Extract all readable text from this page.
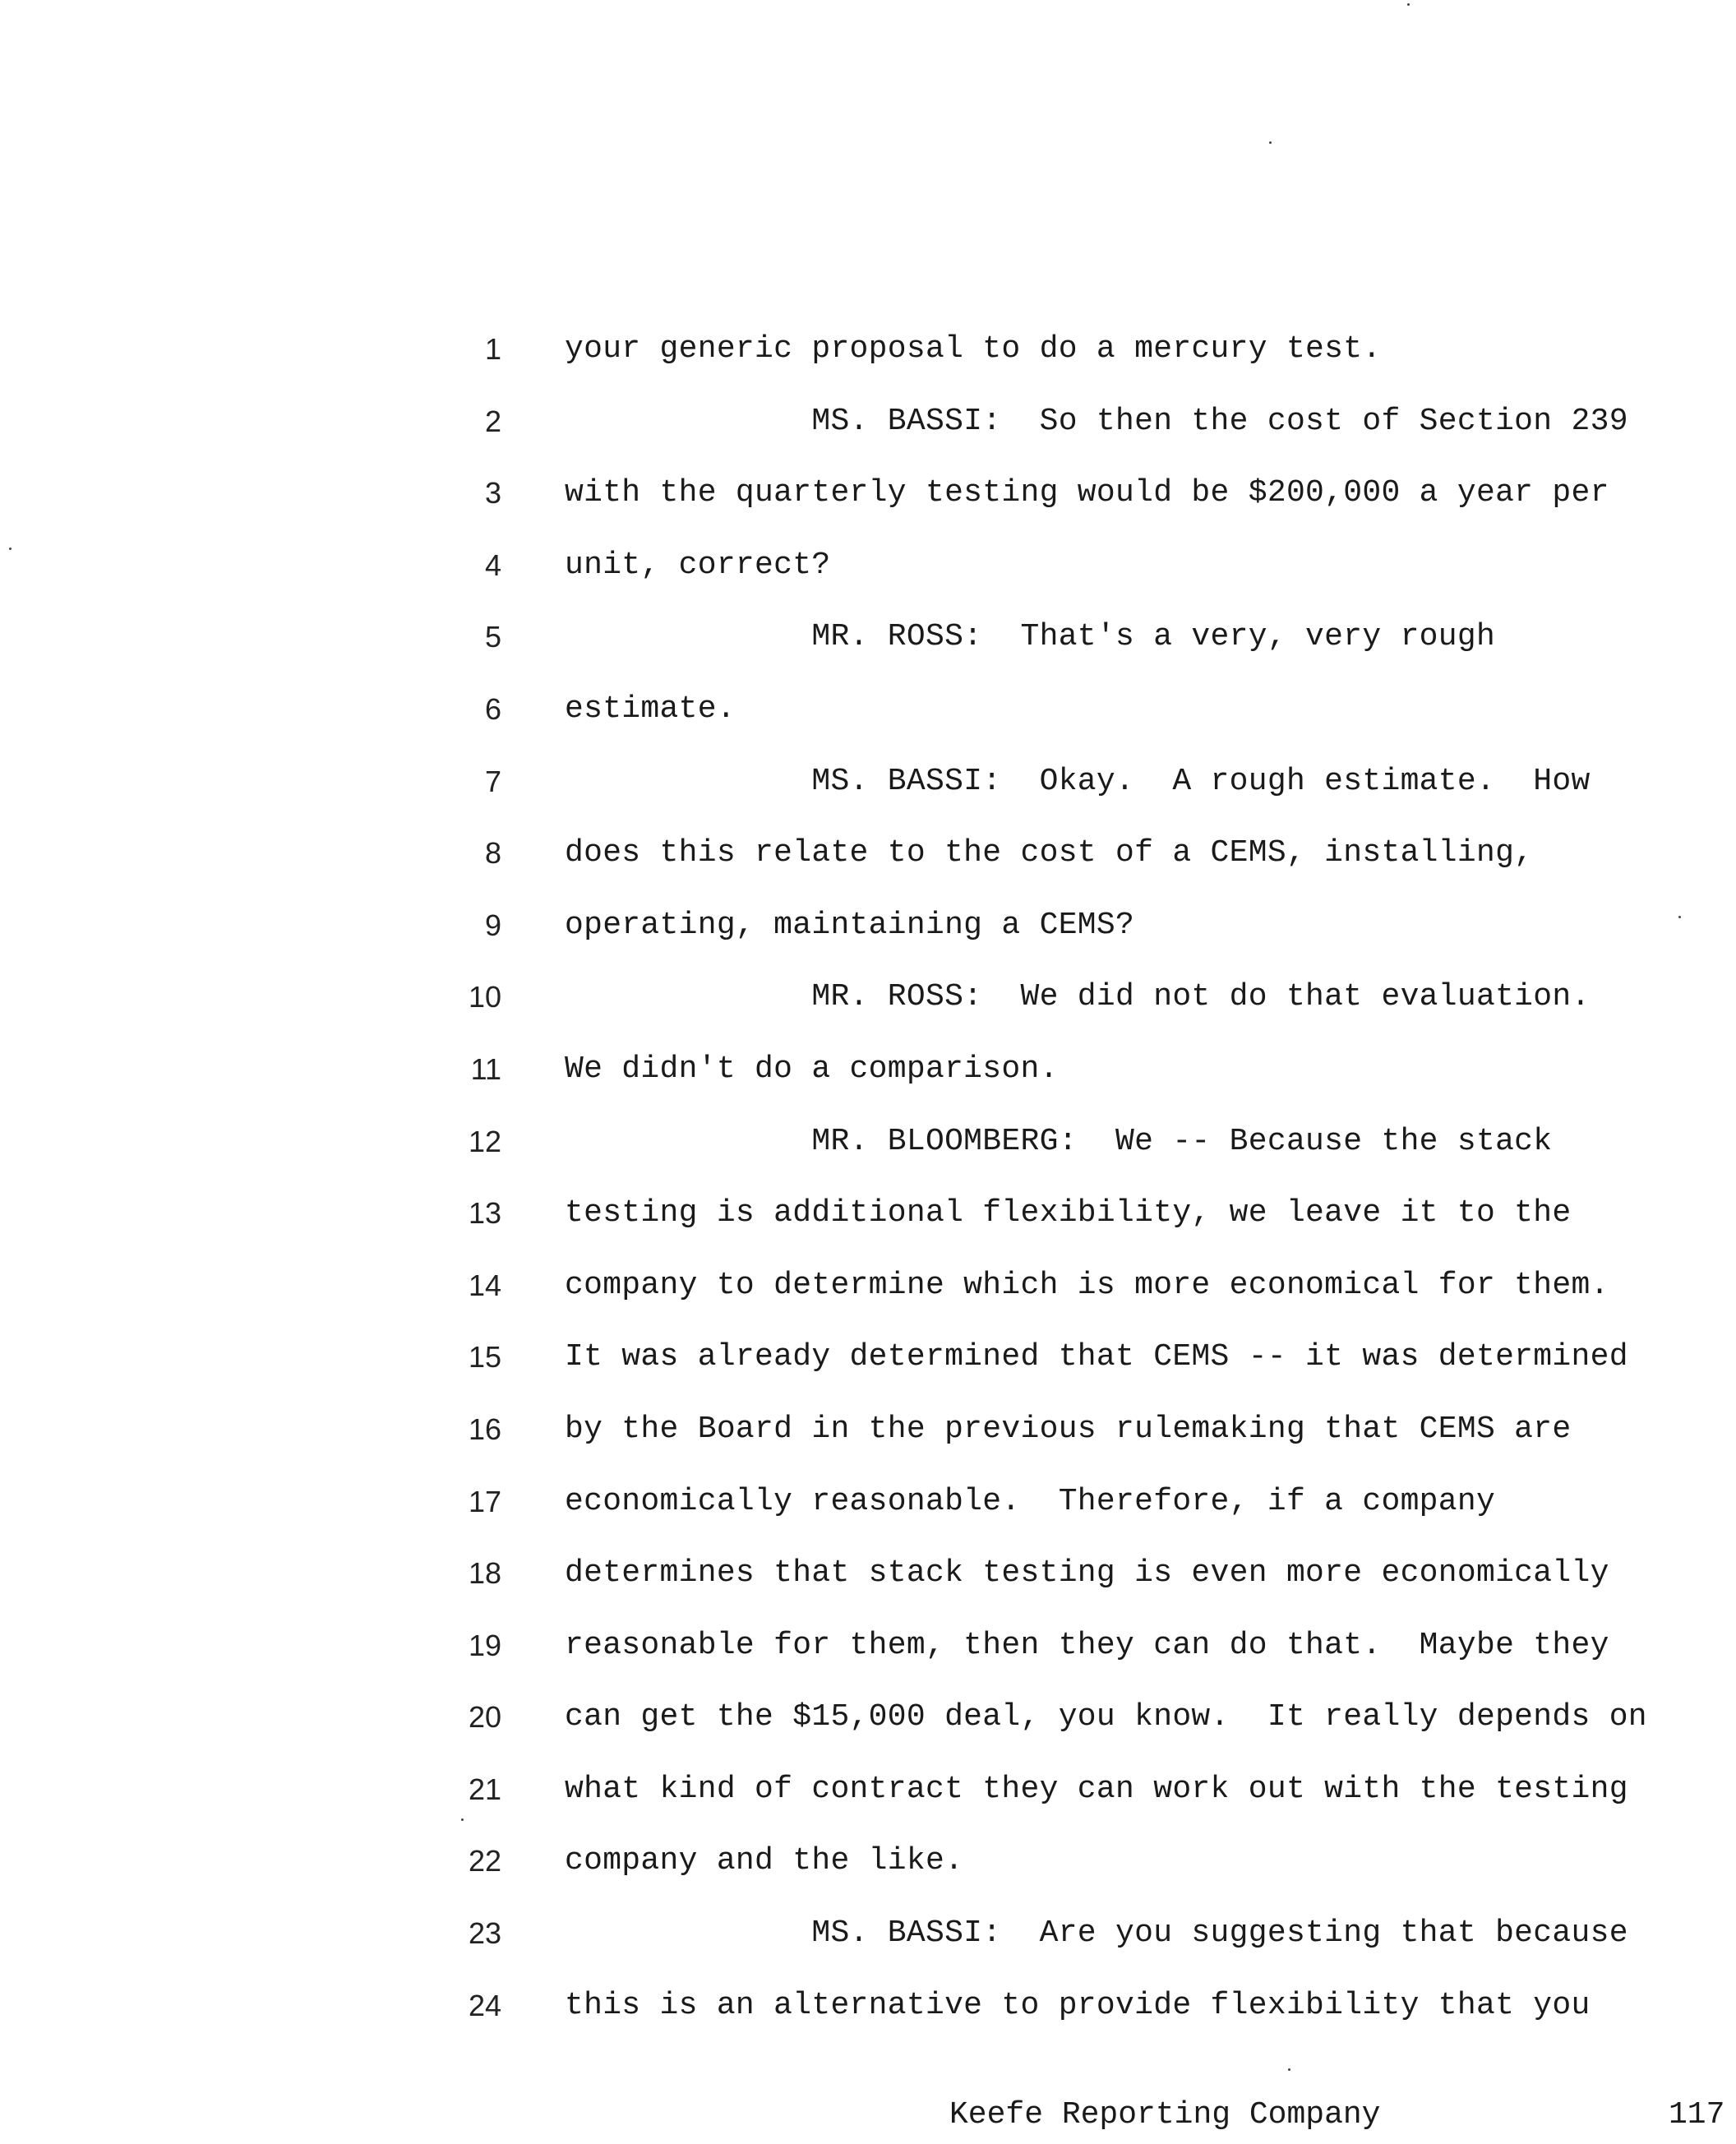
1

your generic proposal to do a mercury test.

2

MS. BASSI:  So then the cost of Section 239

3

with the quarterly testing would be $200,000 a year per

4

unit, correct?

5

MR. ROSS:  That's a very, very rough

6

estimate.

7

MS. BASSI:  Okay.  A rough estimate.  How

8

does this relate to the cost of a CEMS, installing,

9

operating, maintaining a CEMS?

10

MR. ROSS:  We did not do that evaluation.

11

We didn't do a comparison.

12

MR. BLOOMBERG:  We -- Because the stack

13

testing is additional flexibility, we leave it to the

14

company to determine which is more economical for them.

15

It was already determined that CEMS -- it was determined

16

by the Board in the previous rulemaking that CEMS are

17

economically reasonable.  Therefore, if a company

18

determines that stack testing is even more economically

19

reasonable for them, then they can do that.  Maybe they

20

can get the $15,000 deal, you know.  It really depends on

21

what kind of contract they can work out with the testing

22

company and the like.

23

MS. BASSI:  Are you suggesting that because

24

this is an alternative to provide flexibility that you

Keefe Reporting Company	117
